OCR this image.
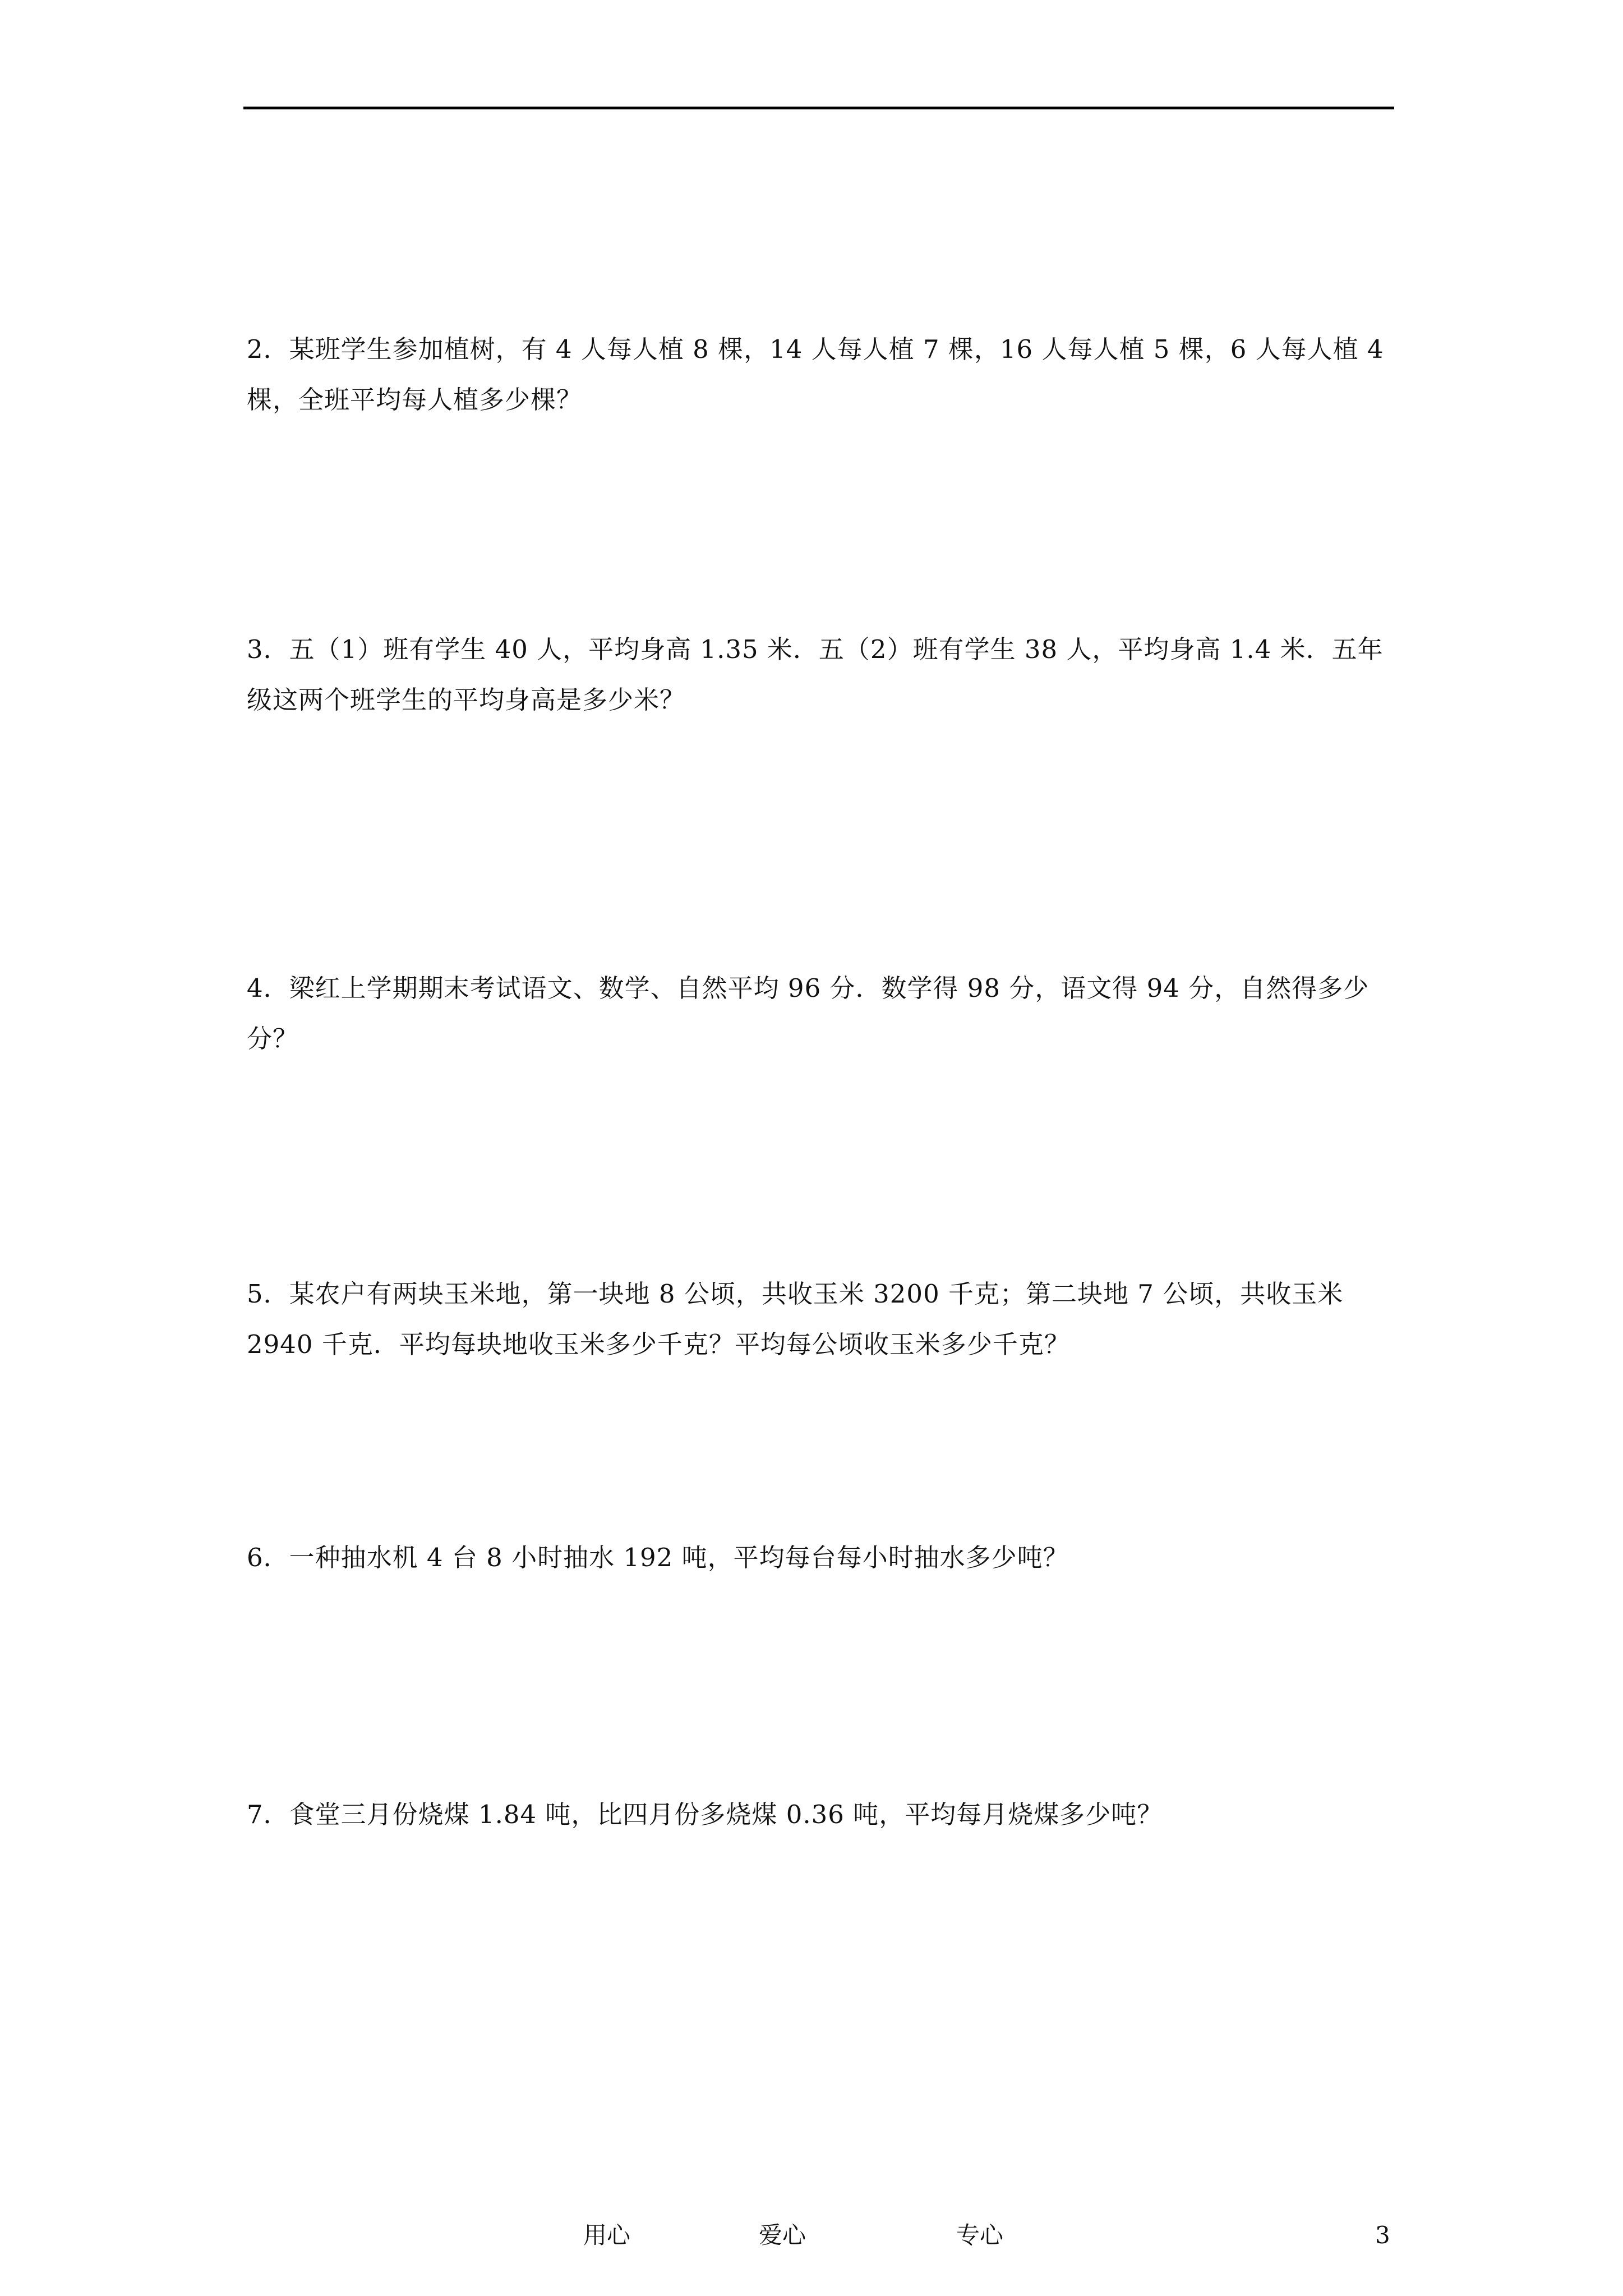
2．某班学生参加植树，有 4 人每人植 8 棵，14 人每人植 7 棵，16 人每人植 5 棵，6 人每人植 4 棵，全班平均每人植多少棵？

3．五（1）班有学生 40 人，平均身高 1.35 米．五（2）班有学生 38 人，平均身高 1.4 米．五年级这两个班学生的平均身高是多少米？

4．梁红上学期期末考试语文、数学、自然平均 96 分．数学得 98 分，语文得 94 分，自然得多少分？

5．某农户有两块玉米地，第一块地 8 公顷，共收玉米 3200 千克；第二块地 7 公顷，共收玉米 2940 千克．平均每块地收玉米多少千克？平均每公顷收玉米多少千克？

6．一种抽水机 4 台 8 小时抽水 192 吨，平均每台每小时抽水多少吨？

7．食堂三月份烧煤 1.84 吨，比四月份多烧煤 0.36 吨，平均每月烧煤多少吨？

用心	爱心	专心	3
